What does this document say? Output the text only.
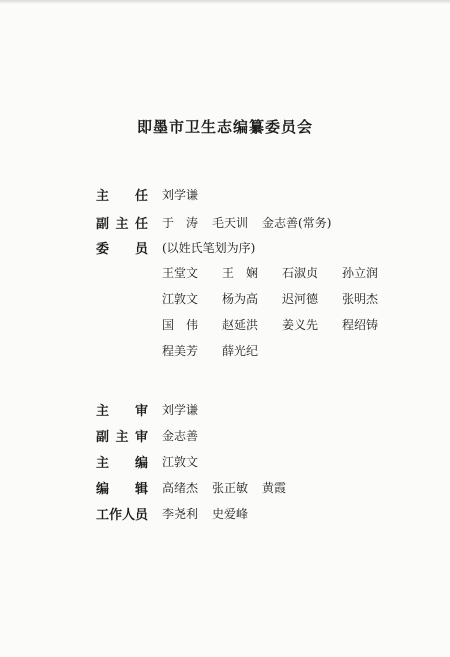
即墨市卫生志编纂委员会
主 任 刘学谦
副 主 任 于　涛 毛天训 金志善(常务)
委 员 (以姓氏笔划为序)
王堂文	王　娴	石淑贞	孙立润
江敦文	杨为高	迟河德	张明杰
国　伟	赵延洪	姜义先	程绍铸
程美芳	薛光纪
主 审 刘学谦
副 主 审 金志善
主 编 江敦文
编 辑 高绪杰 张正敏 黄霞
工 作 人 员 李尧利 史爱峰
